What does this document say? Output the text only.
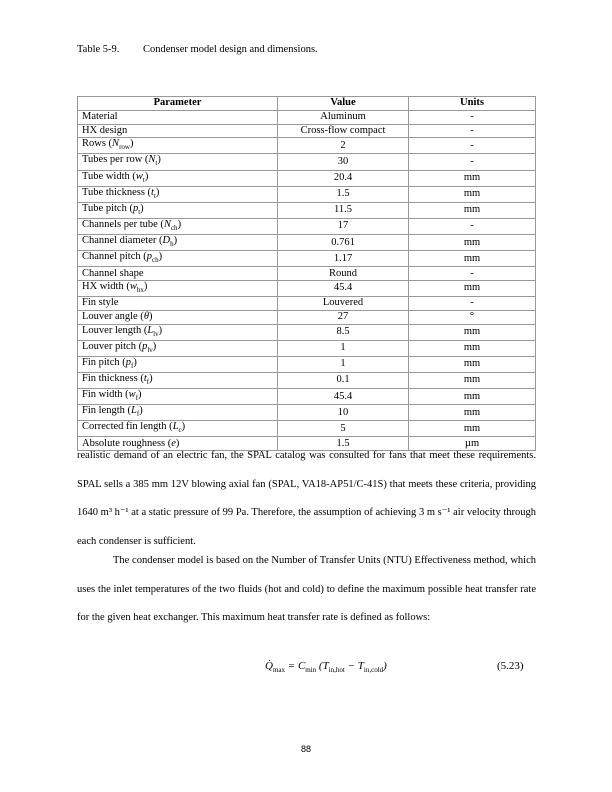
Table 5-9. Condenser model design and dimensions.
Parameter	Value	Units
Material	Aluminum	-
HX design	Cross-flow compact	-
Rows $(N_{row})$	2	-
Tubes per row $(N_t)$	30	-
Tube width $(w_t)$	20.4	mm
Tube thickness $(t_t)$	1.5	mm
Tube pitch $(p_t)$	11.5	mm
Channels per tube $(N_{ch})$	17	-
Channel diameter $(D_h)$	0.761	mm
Channel pitch $(p_{ch})$	1.17	mm
Channel shape	Round	-
HX width $(w_{hx})$	45.4	mm
Fin style	Louvered	-
Louver angle (θ)	27	°
Louver length $(L_{lv})$	8.5	mm
Louver pitch $(p_{lv})$	1	mm
Fin pitch $(p_f)$	1	mm
Fin thickness $(t_f)$	0.1	mm
Fin width $(w_f)$	45.4	mm
Fin length $(L_f)$	10	mm
Corrected fin length $(L_c)$	5	mm
Absolute roughness (e)	1.5	µm
realistic demand of an electric fan, the SPAL catalog was consulted for fans that meet these requirements. SPAL sells a 385 mm 12V blowing axial fan (SPAL, VA18-AP51/C-41S) that meets these criteria, providing 1640 m³ h⁻¹ at a static pressure of 99 Pa. Therefore, the assumption of achieving 3 m s⁻¹ air velocity through each condenser is sufficient.
The condenser model is based on the Number of Transfer Units (NTU) Effectiveness method, which uses the inlet temperatures of the two fluids (hot and cold) to define the maximum possible heat transfer rate for the given heat exchanger. This maximum heat transfer rate is defined as follows:
$Q̇_{max} = C_{min}$ $(T_{in,hot} - T_{in,cold})$	(5.23)
88
